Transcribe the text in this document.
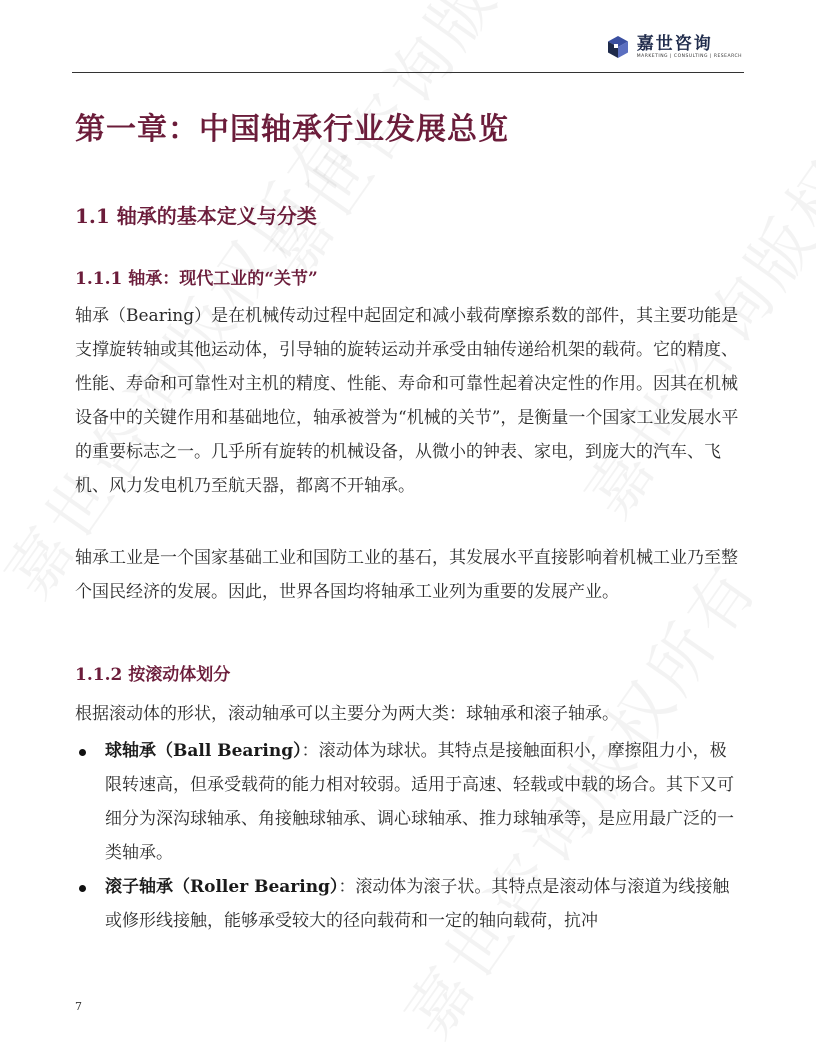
嘉世咨询
MARKETING | CONSULTING | RESEARCH
第一章：中国轴承行业发展总览
1.1 轴承的基本定义与分类
1.1.1 轴承：现代工业的“关节”

轴承（Bearing）是在机械传动过程中起固定和减小载荷摩擦系数的部件，其主要功能是支撑旋转轴或其他运动体，引导轴的旋转运动并承受由轴传递给机架的载荷。它的精度、性能、寿命和可靠性对主机的精度、性能、寿命和可靠性起着决定性的作用。因其在机械设备中的关键作用和基础地位，轴承被誉为“机械的关节”，是衡量一个国家工业发展水平的重要标志之一。几乎所有旋转的机械设备，从微小的钟表、家电，到庞大的汽车、飞机、风力发电机乃至航天器，都离不开轴承。

轴承工业是一个国家基础工业和国防工业的基石，其发展水平直接影响着机械工业乃至整个国民经济的发展。因此，世界各国均将轴承工业列为重要的发展产业。

1.1.2 按滚动体划分

根据滚动体的形状，滚动轴承可以主要分为两大类：球轴承和滚子轴承。

球轴承（Ball Bearing）：滚动体为球状。其特点是接触面积小，摩擦阻力小，极限转速高，但承受载荷的能力相对较弱。适用于高速、轻载或中载的场合。其下又可细分为深沟球轴承、角接触球轴承、调心球轴承、推力球轴承等，是应用最广泛的一类轴承。
滚子轴承（Roller Bearing）：滚动体为滚子状。其特点是滚动体与滚道为线接触或修形线接触，能够承受较大的径向载荷和一定的轴向载荷，抗冲
7
